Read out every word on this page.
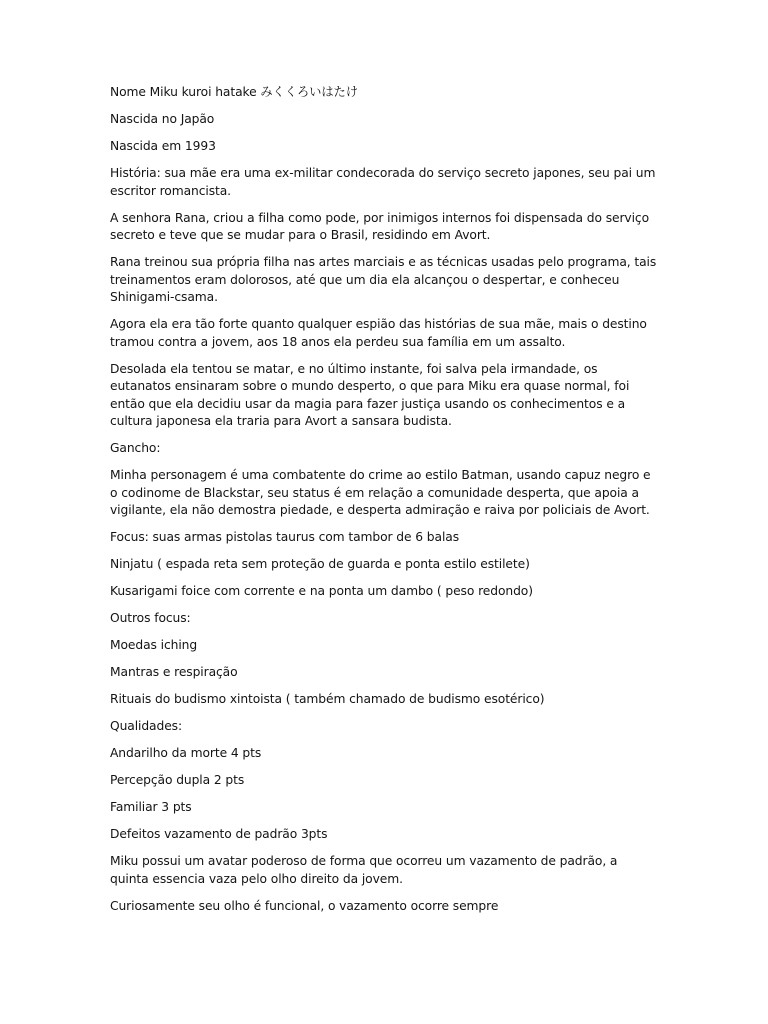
Nome Miku kuroi hatake みくくろいはたけ

Nascida no Japão

Nascida em 1993

História: sua mãe era uma ex-militar condecorada do serviço secreto japones, seu pai um escritor romancista.

A senhora Rana, criou a filha como pode, por inimigos internos foi dispensada do serviço secreto e teve que se mudar para o Brasil, residindo em Avort.

Rana treinou sua própria filha nas artes marciais e as técnicas usadas pelo programa, tais treinamentos eram dolorosos, até que um dia ela alcançou o despertar, e conheceu Shinigami-csama.

Agora ela era tão forte quanto qualquer espião das histórias de sua mãe, mais o destino tramou contra a jovem, aos 18 anos ela perdeu sua família em um assalto.

Desolada ela tentou se matar, e no último instante, foi salva pela irmandade, os eutanatos ensinaram sobre o mundo desperto, o que para Miku era quase normal, foi então que ela decidiu usar da magia para fazer justiça usando os conhecimentos e a cultura japonesa ela traria para Avort a sansara budista.

Gancho:

Minha personagem é uma combatente do crime ao estilo Batman, usando capuz negro e o codinome de Blackstar, seu status é em relação a comunidade desperta, que apoia a vigilante, ela não demostra piedade, e desperta admiração e raiva por policiais de Avort.

Focus: suas armas pistolas taurus com tambor de 6 balas

Ninjatu ( espada reta sem proteção de guarda e ponta estilo estilete)

Kusarigami foice com corrente e na ponta um dambo ( peso redondo)

Outros focus:

Moedas iching

Mantras e respiração

Rituais do budismo xintoista ( também chamado de budismo esotérico)

Qualidades:

Andarilho da morte 4 pts

Percepção dupla 2 pts

Familiar 3 pts

Defeitos vazamento de padrão 3pts

Miku possui um avatar poderoso de forma que ocorreu um vazamento de padrão, a quinta essencia vaza pelo olho direito da jovem.

Curiosamente seu olho é funcional, o vazamento ocorre sempre
